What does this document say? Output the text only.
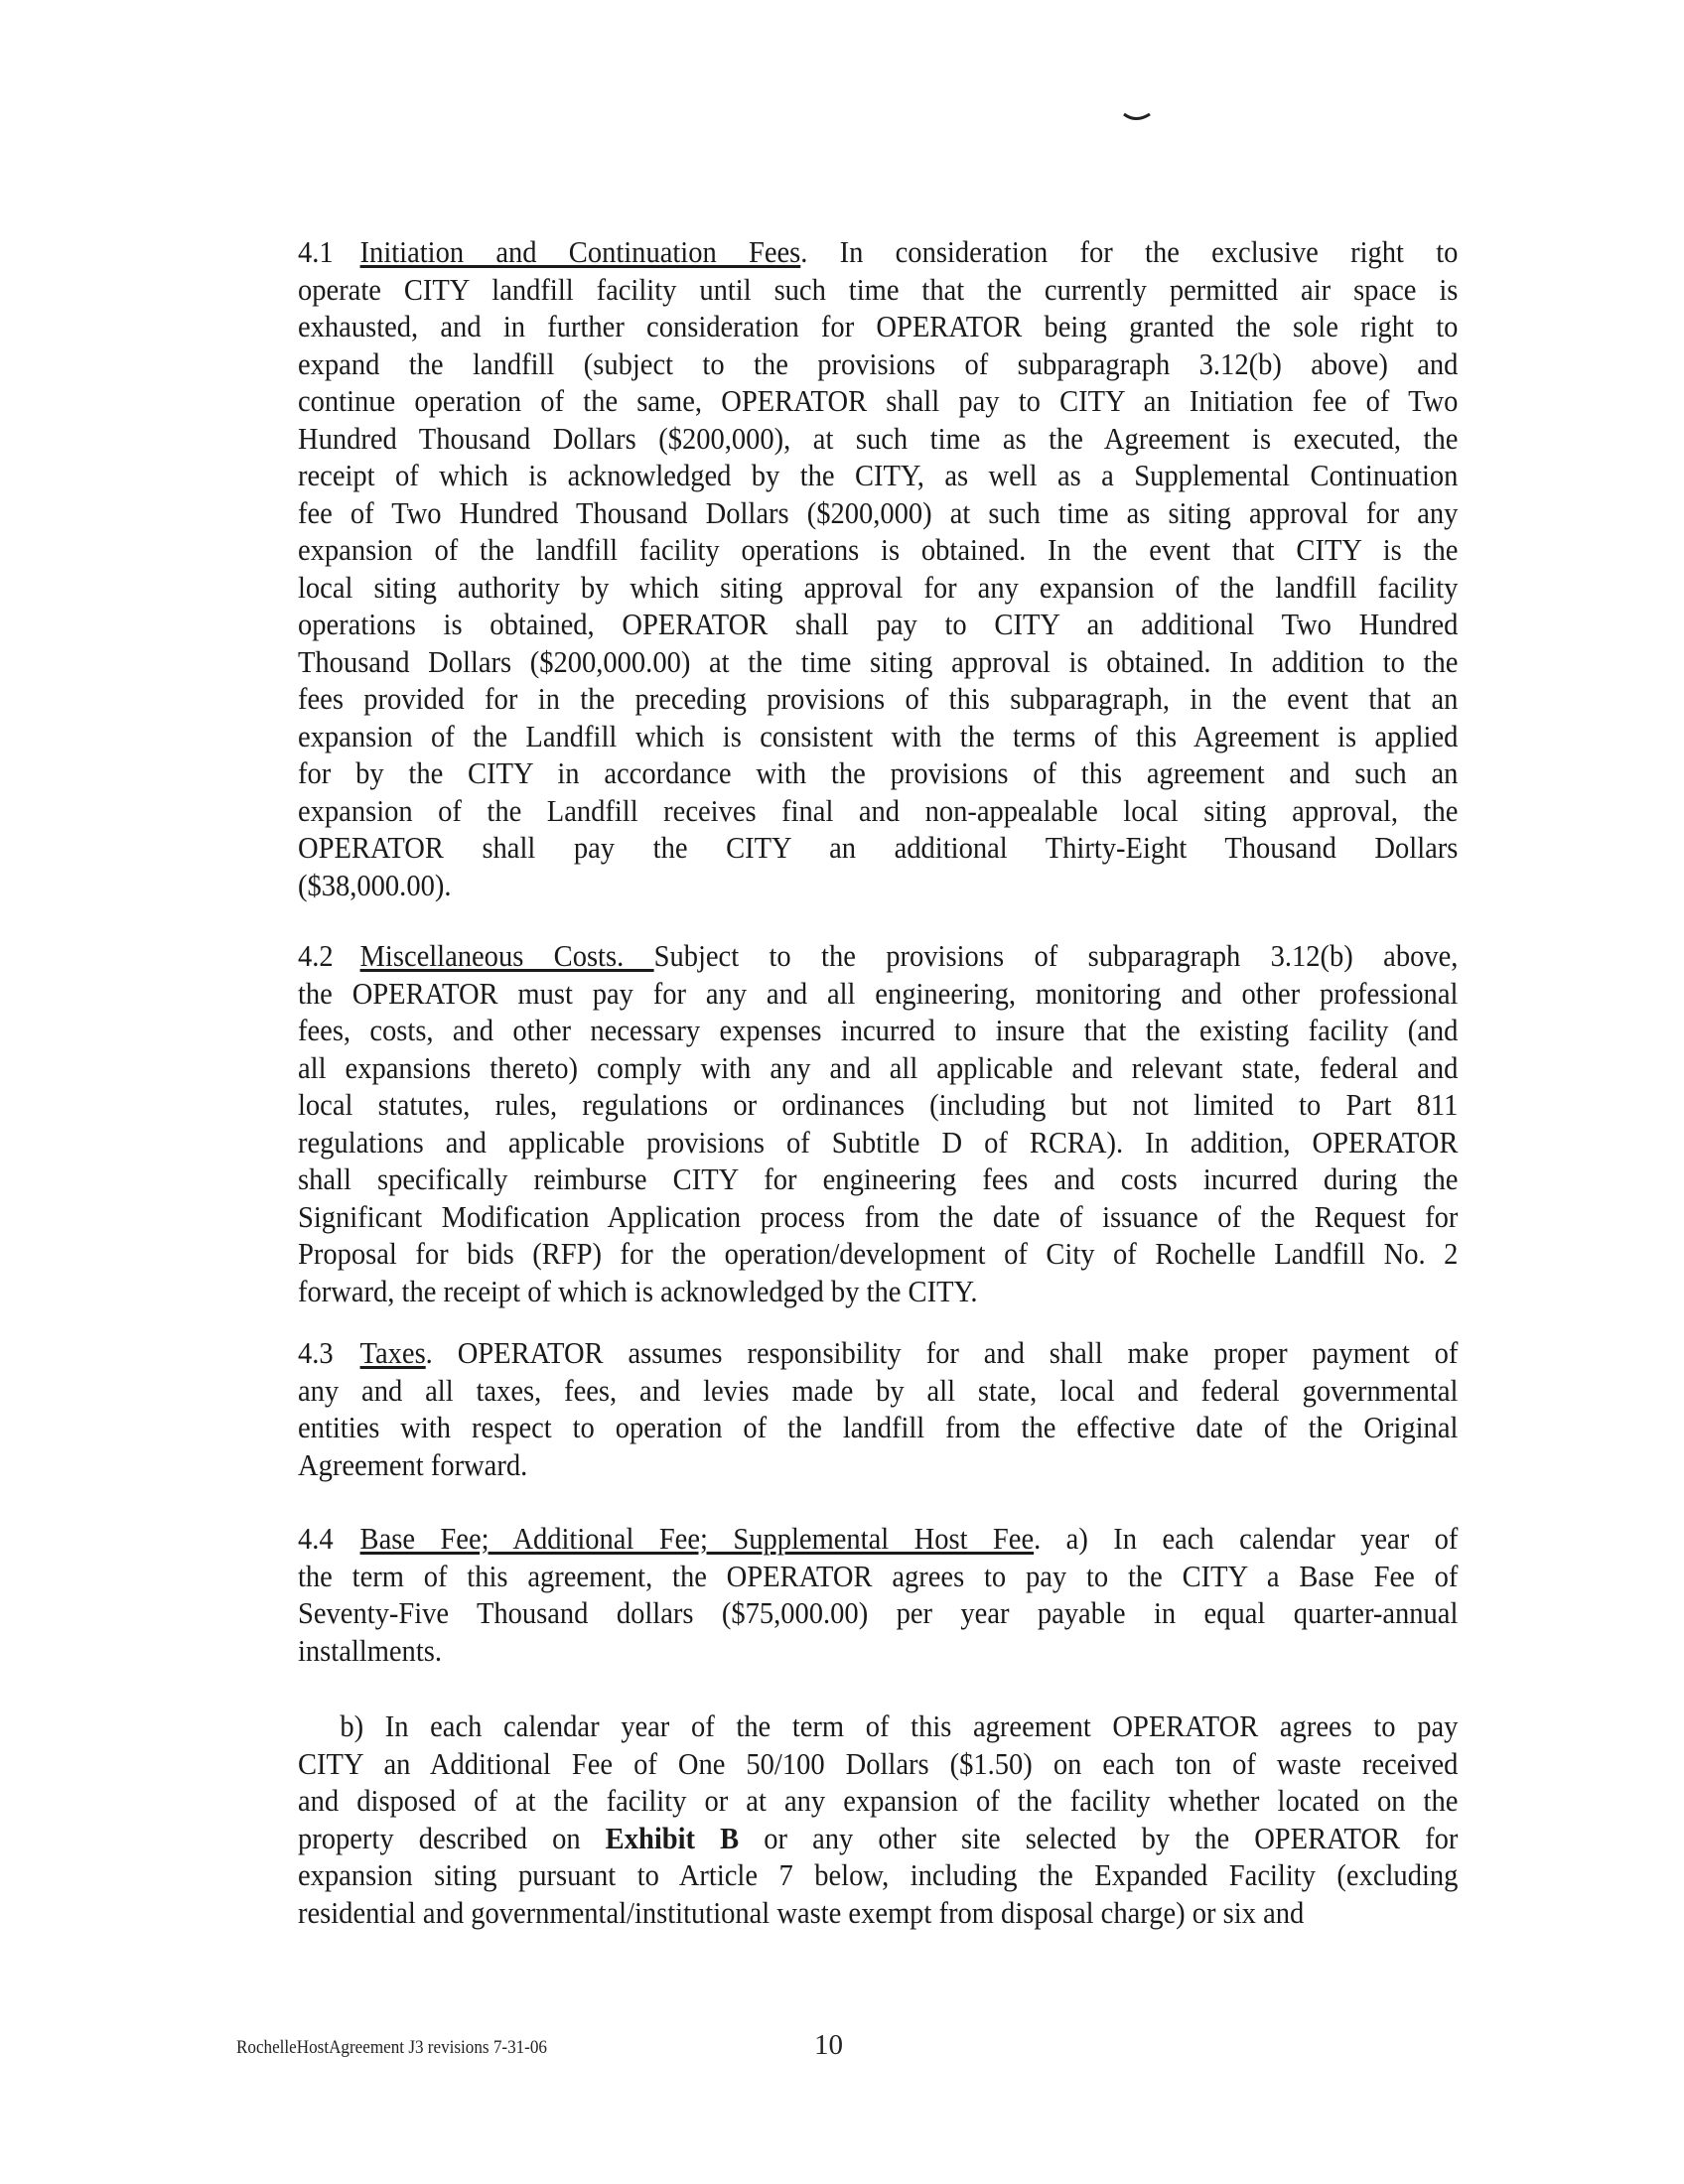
4.1 Initiation and Continuation Fees. In consideration for the exclusive right to
operate CITY landfill facility until such time that the currently permitted air space is
exhausted, and in further consideration for OPERATOR being granted the sole right to
expand the landfill (subject to the provisions of subparagraph 3.12(b) above) and
continue operation of the same, OPERATOR shall pay to CITY an Initiation fee of Two
Hundred Thousand Dollars ($200,000), at such time as the Agreement is executed, the
receipt of which is acknowledged by the CITY, as well as a Supplemental Continuation
fee of Two Hundred Thousand Dollars ($200,000) at such time as siting approval for any
expansion of the landfill facility operations is obtained. In the event that CITY is the
local siting authority by which siting approval for any expansion of the landfill facility
operations is obtained, OPERATOR shall pay to CITY an additional Two Hundred
Thousand Dollars ($200,000.00) at the time siting approval is obtained. In addition to the
fees provided for in the preceding provisions of this subparagraph, in the event that an
expansion of the Landfill which is consistent with the terms of this Agreement is applied
for by the CITY in accordance with the provisions of this agreement and such an
expansion of the Landfill receives final and non-appealable local siting approval, the
OPERATOR shall pay the CITY an additional Thirty-Eight Thousand Dollars
($38,000.00).
4.2 Miscellaneous Costs. Subject to the provisions of subparagraph 3.12(b) above,
the OPERATOR must pay for any and all engineering, monitoring and other professional
fees, costs, and other necessary expenses incurred to insure that the existing facility (and
all expansions thereto) comply with any and all applicable and relevant state, federal and
local statutes, rules, regulations or ordinances (including but not limited to Part 811
regulations and applicable provisions of Subtitle D of RCRA). In addition, OPERATOR
shall specifically reimburse CITY for engineering fees and costs incurred during the
Significant Modification Application process from the date of issuance of the Request for
Proposal for bids (RFP) for the operation/development of City of Rochelle Landfill No. 2
forward, the receipt of which is acknowledged by the CITY.
4.3 Taxes. OPERATOR assumes responsibility for and shall make proper payment of
any and all taxes, fees, and levies made by all state, local and federal governmental
entities with respect to operation of the landfill from the effective date of the Original
Agreement forward.
4.4 Base Fee; Additional Fee; Supplemental Host Fee. a) In each calendar year of
the term of this agreement, the OPERATOR agrees to pay to the CITY a Base Fee of
Seventy-Five Thousand dollars ($75,000.00) per year payable in equal quarter-annual
installments.
b) In each calendar year of the term of this agreement OPERATOR agrees to pay
CITY an Additional Fee of One 50/100 Dollars ($1.50) on each ton of waste received
and disposed of at the facility or at any expansion of the facility whether located on the
property described on Exhibit B or any other site selected by the OPERATOR for
expansion siting pursuant to Article 7 below, including the Expanded Facility (excluding
residential and governmental/institutional waste exempt from disposal charge) or six and
RochelleHostAgreement J3 revisions 7-31-06	10
